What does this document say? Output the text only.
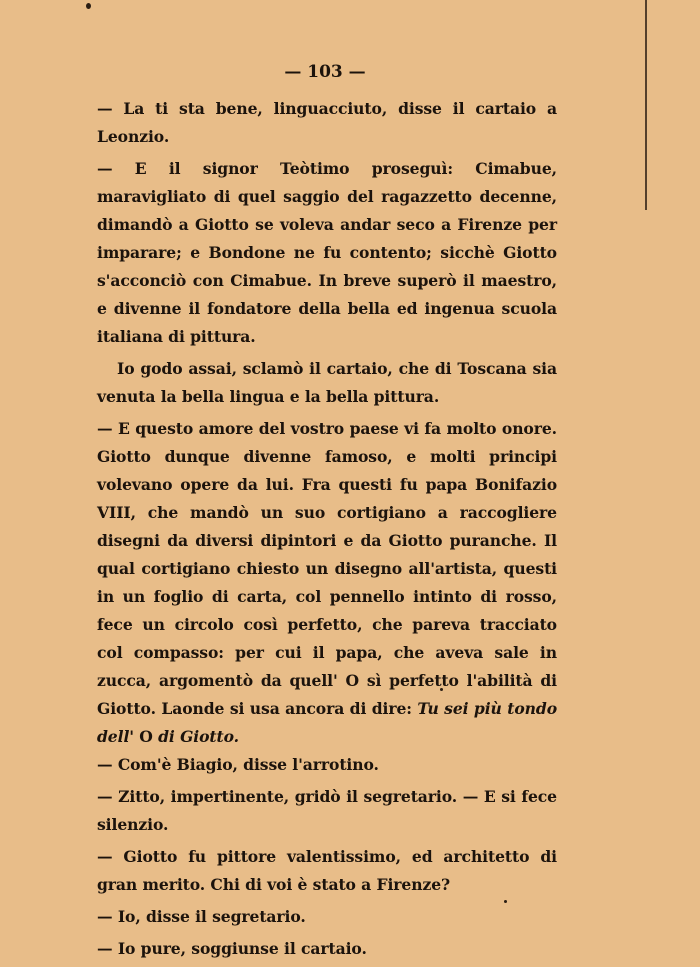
— 103 —

— La ti sta bene, linguacciuto, disse il cartaio a Leonzio.

— E il signor Teòtimo proseguì: Cimabue, maravigliato di quel saggio del ragazzetto decenne, dimandò a Giotto se voleva andar seco a Firenze per imparare; e Bondone ne fu contento; sicchè Giotto s'acconciò con Cimabue. In breve superò il maestro, e divenne il fondatore della bella ed ingenua scuola italiana di pittura.

Io godo assai, sclamò il cartaio, che di Toscana sia venuta la bella lingua e la bella pittura.

— E questo amore del vostro paese vi fa molto onore. Giotto dunque divenne famoso, e molti principi volevano opere da lui. Fra questi fu papa Bonifazio VIII, che mandò un suo cortigiano a raccogliere disegni da diversi dipintori e da Giotto puranche. Il qual cortigiano chiesto un disegno all'artista, questi in un foglio di carta, col pennello intinto di rosso, fece un circolo così perfetto, che pareva tracciato col compasso: per cui il papa, che aveva sale in zucca, argomentò da quell' O sì perfetto l'abilità di Giotto. Laonde si usa ancora di dire: Tu sei più tondo dell' O di Giotto.

— Com'è Biagio, disse l'arrotino.

— Zitto, impertinente, gridò il segretario. — E si fece silenzio.

— Giotto fu pittore valentissimo, ed architetto di gran merito. Chi di voi è stato a Firenze?

— Io, disse il segretario.

— Io pure, soggiunse il cartaio.
